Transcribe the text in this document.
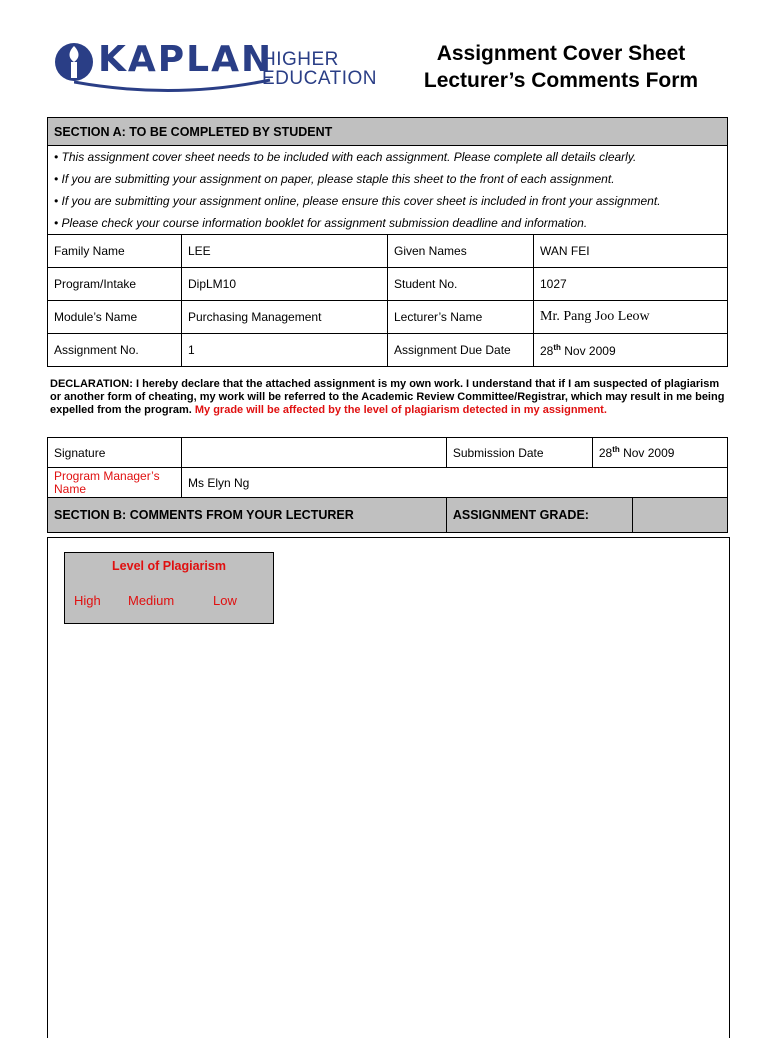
KAPLAN
HIGHER
EDUCATION
Assignment Cover Sheet
Lecturer’s Comments Form
SECTION A: TO BE COMPLETED BY STUDENT			
• This assignment cover sheet needs to be included with each assignment. Please complete all details clearly.			
• If you are submitting your assignment on paper, please staple this sheet to the front of each assignment.			
• If you are submitting your assignment online, please ensure this cover sheet is included in front your assignment.			
• Please check your course information booklet for assignment submission deadline and information.			
Family Name	LEE	Given Names	WAN FEI
Program/Intake	DipLM10	Student No.	1027
Module’s Name	Purchasing Management	Lecturer’s Name	Mr. Pang Joo Leow
Assignment No.	1	Assignment Due Date	28th Nov 2009
DECLARATION: I hereby declare that the attached assignment is my own work. I understand that if I am suspected of plagiarism or another form of cheating, my work will be referred to the Academic Review Committee/Registrar, which may result in me being expelled from the program. My grade will be affected by the level of plagiarism detected in my assignment.
Signature		Submission Date	28th Nov 2009	
Program Manager’s Name	Ms Elyn Ng			
SECTION B: COMMENTS FROM YOUR LECTURER		ASSIGNMENT GRADE:		
Level of Plagiarism
High Medium	Low
